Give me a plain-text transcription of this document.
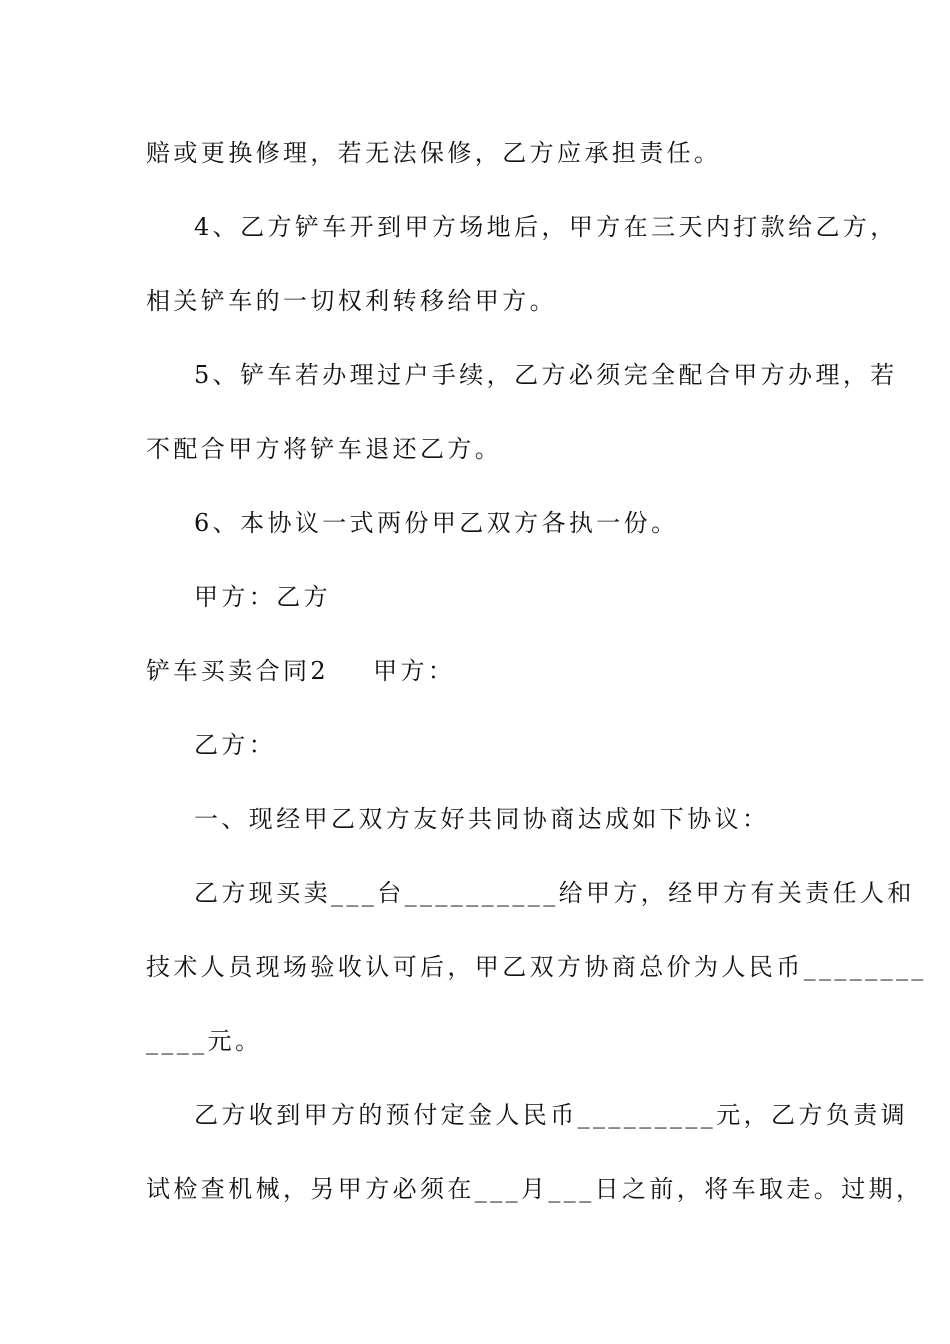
赔或更换修理，若无法保修，乙方应承担责任。
4、乙方铲车开到甲方场地后，甲方在三天内打款给乙方，
相关铲车的一切权利转移给甲方。
5、铲车若办理过户手续，乙方必须完全配合甲方办理，若
不配合甲方将铲车退还乙方。
6、本协议一式两份甲乙双方各执一份。
甲方：乙方
铲车买卖合同2 甲方：
乙方：
一、现经甲乙双方友好共同协商达成如下协议：
乙方现买卖___台__________给甲方，经甲方有关责任人和
技术人员现场验收认可后，甲乙双方协商总价为人民币________
____元。
乙方收到甲方的预付定金人民币_________元，乙方负责调
试检查机械，另甲方必须在___月___日之前，将车取走。过期，
